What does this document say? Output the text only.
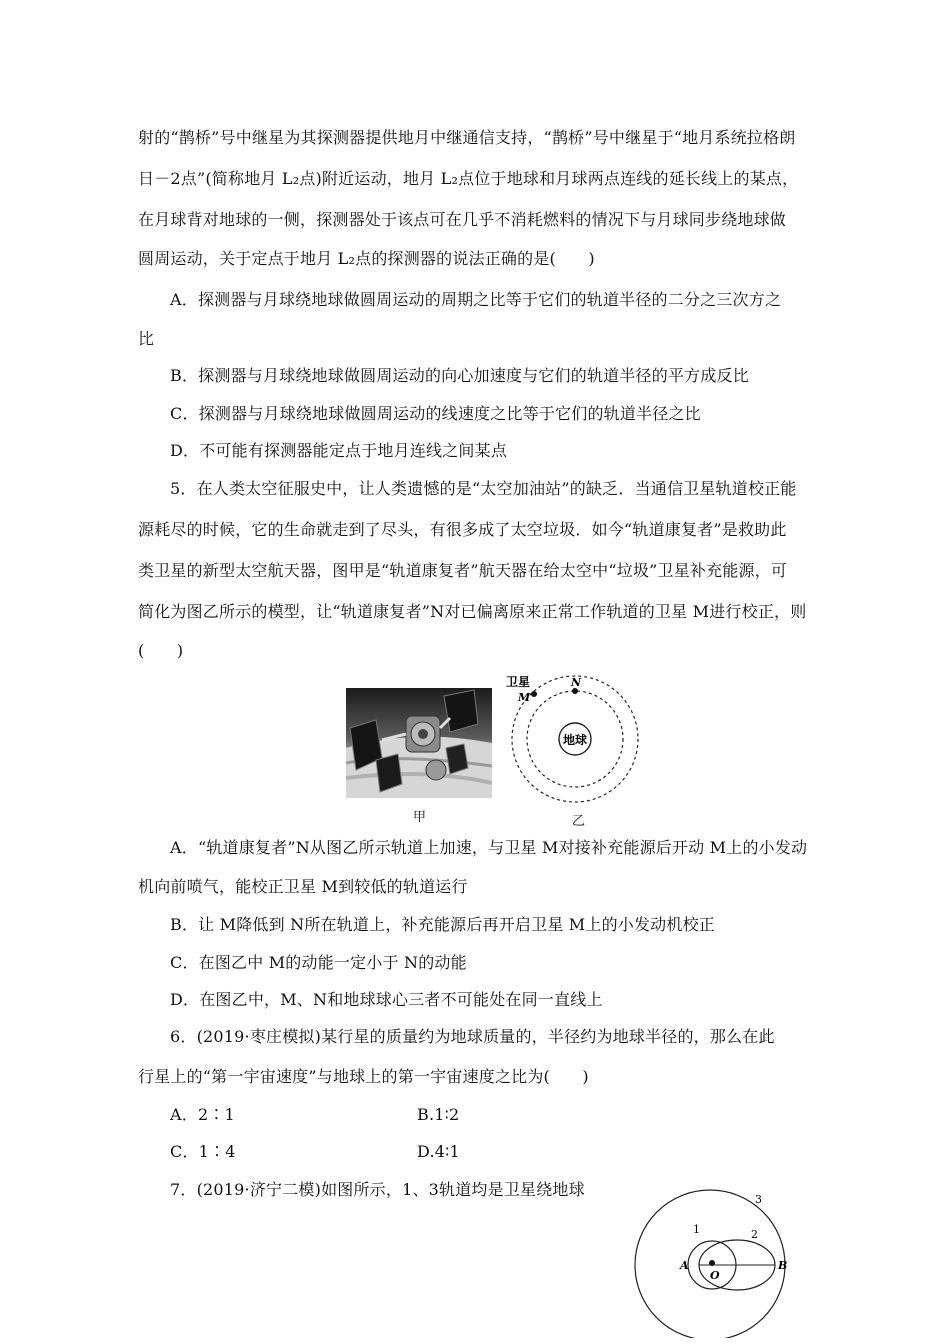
射的“鹊桥”号中继星为其探测器提供地月中继通信支持，“鹊桥”号中继星于“地月系统拉格朗
日－2点”(简称地月 L₂点)附近运动，地月 L₂点位于地球和月球两点连线的延长线上的某点，
在月球背对地球的一侧，探测器处于该点可在几乎不消耗燃料的情况下与月球同步绕地球做
圆周运动，关于定点于地月 L₂点的探测器的说法正确的是(　　)
A．探测器与月球绕地球做圆周运动的周期之比等于它们的轨道半径的二分之三次方之
比
B．探测器与月球绕地球做圆周运动的向心加速度与它们的轨道半径的平方成反比
C．探测器与月球绕地球做圆周运动的线速度之比等于它们的轨道半径之比
D．不可能有探测器能定点于地月连线之间某点
5．在人类太空征服史中，让人类遗憾的是“太空加油站”的缺乏．当通信卫星轨道校正能
源耗尽的时候，它的生命就走到了尽头，有很多成了太空垃圾．如今“轨道康复者”是救助此
类卫星的新型太空航天器，图甲是“轨道康复者”航天器在给太空中“垃圾”卫星补充能源，可
简化为图乙所示的模型，让“轨道康复者”N对已偏离原来正常工作轨道的卫星 M进行校正，则
(　　)
甲
地球
卫星
M
N
乙
A．“轨道康复者”N从图乙所示轨道上加速，与卫星 M对接补充能源后开动 M上的小发动
机向前喷气，能校正卫星 M到较低的轨道运行
B．让 M降低到 N所在轨道上，补充能源后再开启卫星 M上的小发动机校正
C．在图乙中 M的动能一定小于 N的动能
D．在图乙中，M、N和地球球心三者不可能处在同一直线上
6．(2019·枣庄模拟)某行星的质量约为地球质量的，半径约为地球半径的，那么在此
行星上的“第一宇宙速度”与地球上的第一宇宙速度之比为(　　)
A．2∶1	B.1∶2
C．1∶4	D.4∶1
7．(2019·济宁二模)如图所示，1、3轨道均是卫星绕地球
1	2
3
A
O
B
